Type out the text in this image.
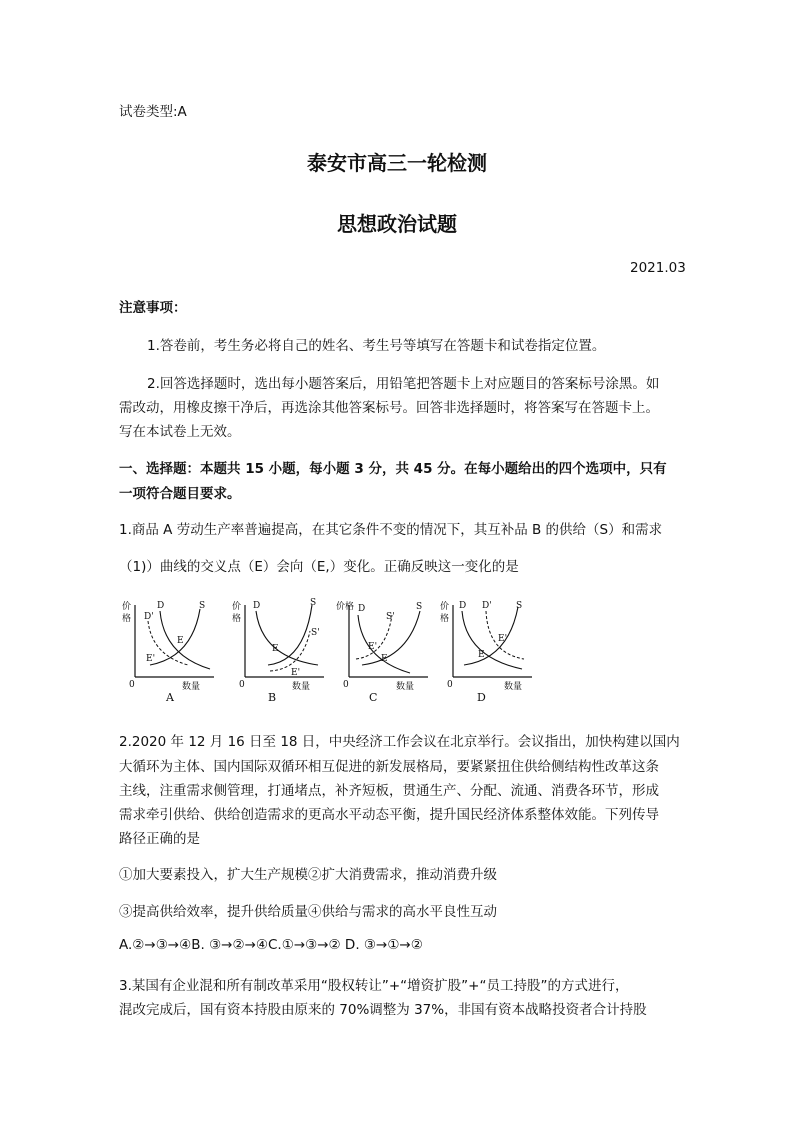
试卷类型:A
泰安市高三一轮检测
思想政治试题
2021.03
注意事项：
1.答卷前，考生务必将自己的姓名、考生号等填写在答题卡和试卷指定位置。
2.回答选择题时，选出每小题答案后，用铅笔把答题卡上对应题目的答案标号涂黑。如
需改动，用橡皮擦干净后，再选涂其他答案标号。回答非选择题时，将答案写在答题卡上。
写在本试卷上无效。
一、选择题：本题共 15 小题，每小题 3 分，共 45 分。在每小题给出的四个选项中，只有
一项符合题目要求。
1.商品 A 劳动生产率普遍提高，在其它条件不变的情况下，其互补品 B 的供给（S）和需求
（1)）曲线的交义点（E）会向（E,）变化。正确反映这一变化的是
价
格
0	数量
D
D'
S
E
E'
A
价
格
0	数量
D	S
S'
E
E'
B
价格
0	数量
D	S
S'
E
E'
C
价
格
0	数量
D D'	S
E
E'
D
2.2020 年 12 月 16 日至 18 日，中央经济工作会议在北京举行。会议指出，加快构建以国内
大循环为主体、国内国际双循环相互促进的新发展格局，要紧紧扭住供给侧结构性改革这条
主线，注重需求侧管理，打通堵点，补齐短板，贯通生产、分配、流通、消费各环节，形成
需求牵引供给、供给创造需求的更高水平动态平衡，提升国民经济体系整体效能。下列传导
路径正确的是
①加大要素投入，扩大生产规模②扩大消费需求，推动消费升级
③提高供给效率，提升供给质量④供给与需求的高水平良性互动
A.②→③→④B. ③→②→④C.①→③→② D. ③→①→②
3.某国有企业混和所有制改革采用“股权转让”+“增资扩股”+“员工持股”的方式进行，
混改完成后，国有资本持股由原来的 70%调整为 37%，非国有资本战略投资者合计持股
